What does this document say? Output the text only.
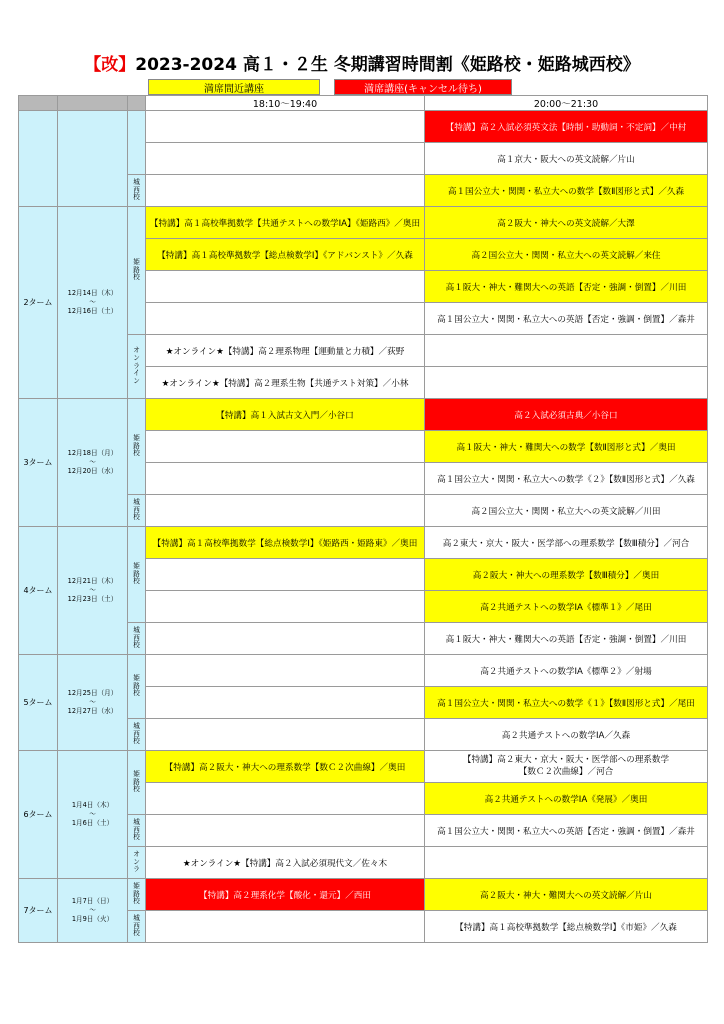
【改】2023-2024 高１・２生 冬期講習時間割《姫路校・姫路城西校》
満席間近講座	満席講座(キャンセル待ち)
			18:10～19:40	20:00～21:30
				【特講】高２入試必須英文法【時制・助動詞・不定詞】／中村
				高１京大・阪大への英文読解／片山
		城
西
校		高１国公立大・関関・私立大への数学【数Ⅱ図形と式】／久森
2ターム	12月14日（木）
～
12月16日（土）	姫
路
校	【特講】高１高校準拠数学【共通テストへの数学ⅠA】《姫路西》／奥田	高２阪大・神大への英文読解／大澤
			【特講】高１高校準拠数学【総点検数学Ⅰ】《アドバンスト》／久森	高２国公立大・関関・私立大への英文読解／来住
				高１阪大・神大・難関大への英語【否定・強調・倒置】／川田
				高１国公立大・関関・私立大への英語【否定・強調・倒置】／森井
		オ
ン
ラ
イ
ン	★オンライン★【特講】高２理系物理【運動量と力積】／荻野	
			★オンライン★【特講】高２理系生物【共通テスト対策】／小林	
3ターム	12月18日（月）
～
12月20日（水）	姫
路
校	【特講】高１入試古文入門／小谷口	高２入試必須古典／小谷口
				高１阪大・神大・難関大への数学【数Ⅱ図形と式】／奥田
				高１国公立大・関関・私立大への数学《２》【数Ⅱ図形と式】／久森
		城
西
校		高２国公立大・関関・私立大への英文読解／川田
4ターム	12月21日（木）
～
12月23日（土）	姫
路
校	【特講】高１高校準拠数学【総点検数学Ⅰ】《姫路西・姫路東》／奥田	高２東大・京大・阪大・医学部への理系数学【数Ⅲ積分】／河合
				高２阪大・神大への理系数学【数Ⅲ積分】／奥田
				高２共通テストへの数学ⅠA《標準１》／尾田
		城
西
校		高１阪大・神大・難関大への英語【否定・強調・倒置】／川田
5ターム	12月25日（月）
～
12月27日（水）	姫
路
校		高２共通テストへの数学ⅠA《標準２》／射場
				高１国公立大・関関・私立大への数学《１》【数Ⅱ図形と式】／尾田
		城
西
校		高２共通テストへの数学ⅠA／久森
6ターム	1月4日（木）
～
1月6日（土）	姫
路
校	【特講】高２阪大・神大への理系数学【数Ｃ２次曲線】／奥田	【特講】高２東大・京大・阪大・医学部への理系数学
【数Ｃ２次曲線】／河合
				高２共通テストへの数学ⅠA《発展》／奥田
		城
西
校		高１国公立大・関関・私立大への英語【否定・強調・倒置】／森井
		オ
ン
ラ	★オンライン★【特講】高２入試必須現代文／佐々木	
7ターム	1月7日（日）
～
1月9日（火）	姫
路
校	【特講】高２理系化学【酸化・還元】／西田	高２阪大・神大・難関大への英文読解／片山
		城
西
校		【特講】高１高校準拠数学【総点検数学Ⅰ】《市姫》／久森
